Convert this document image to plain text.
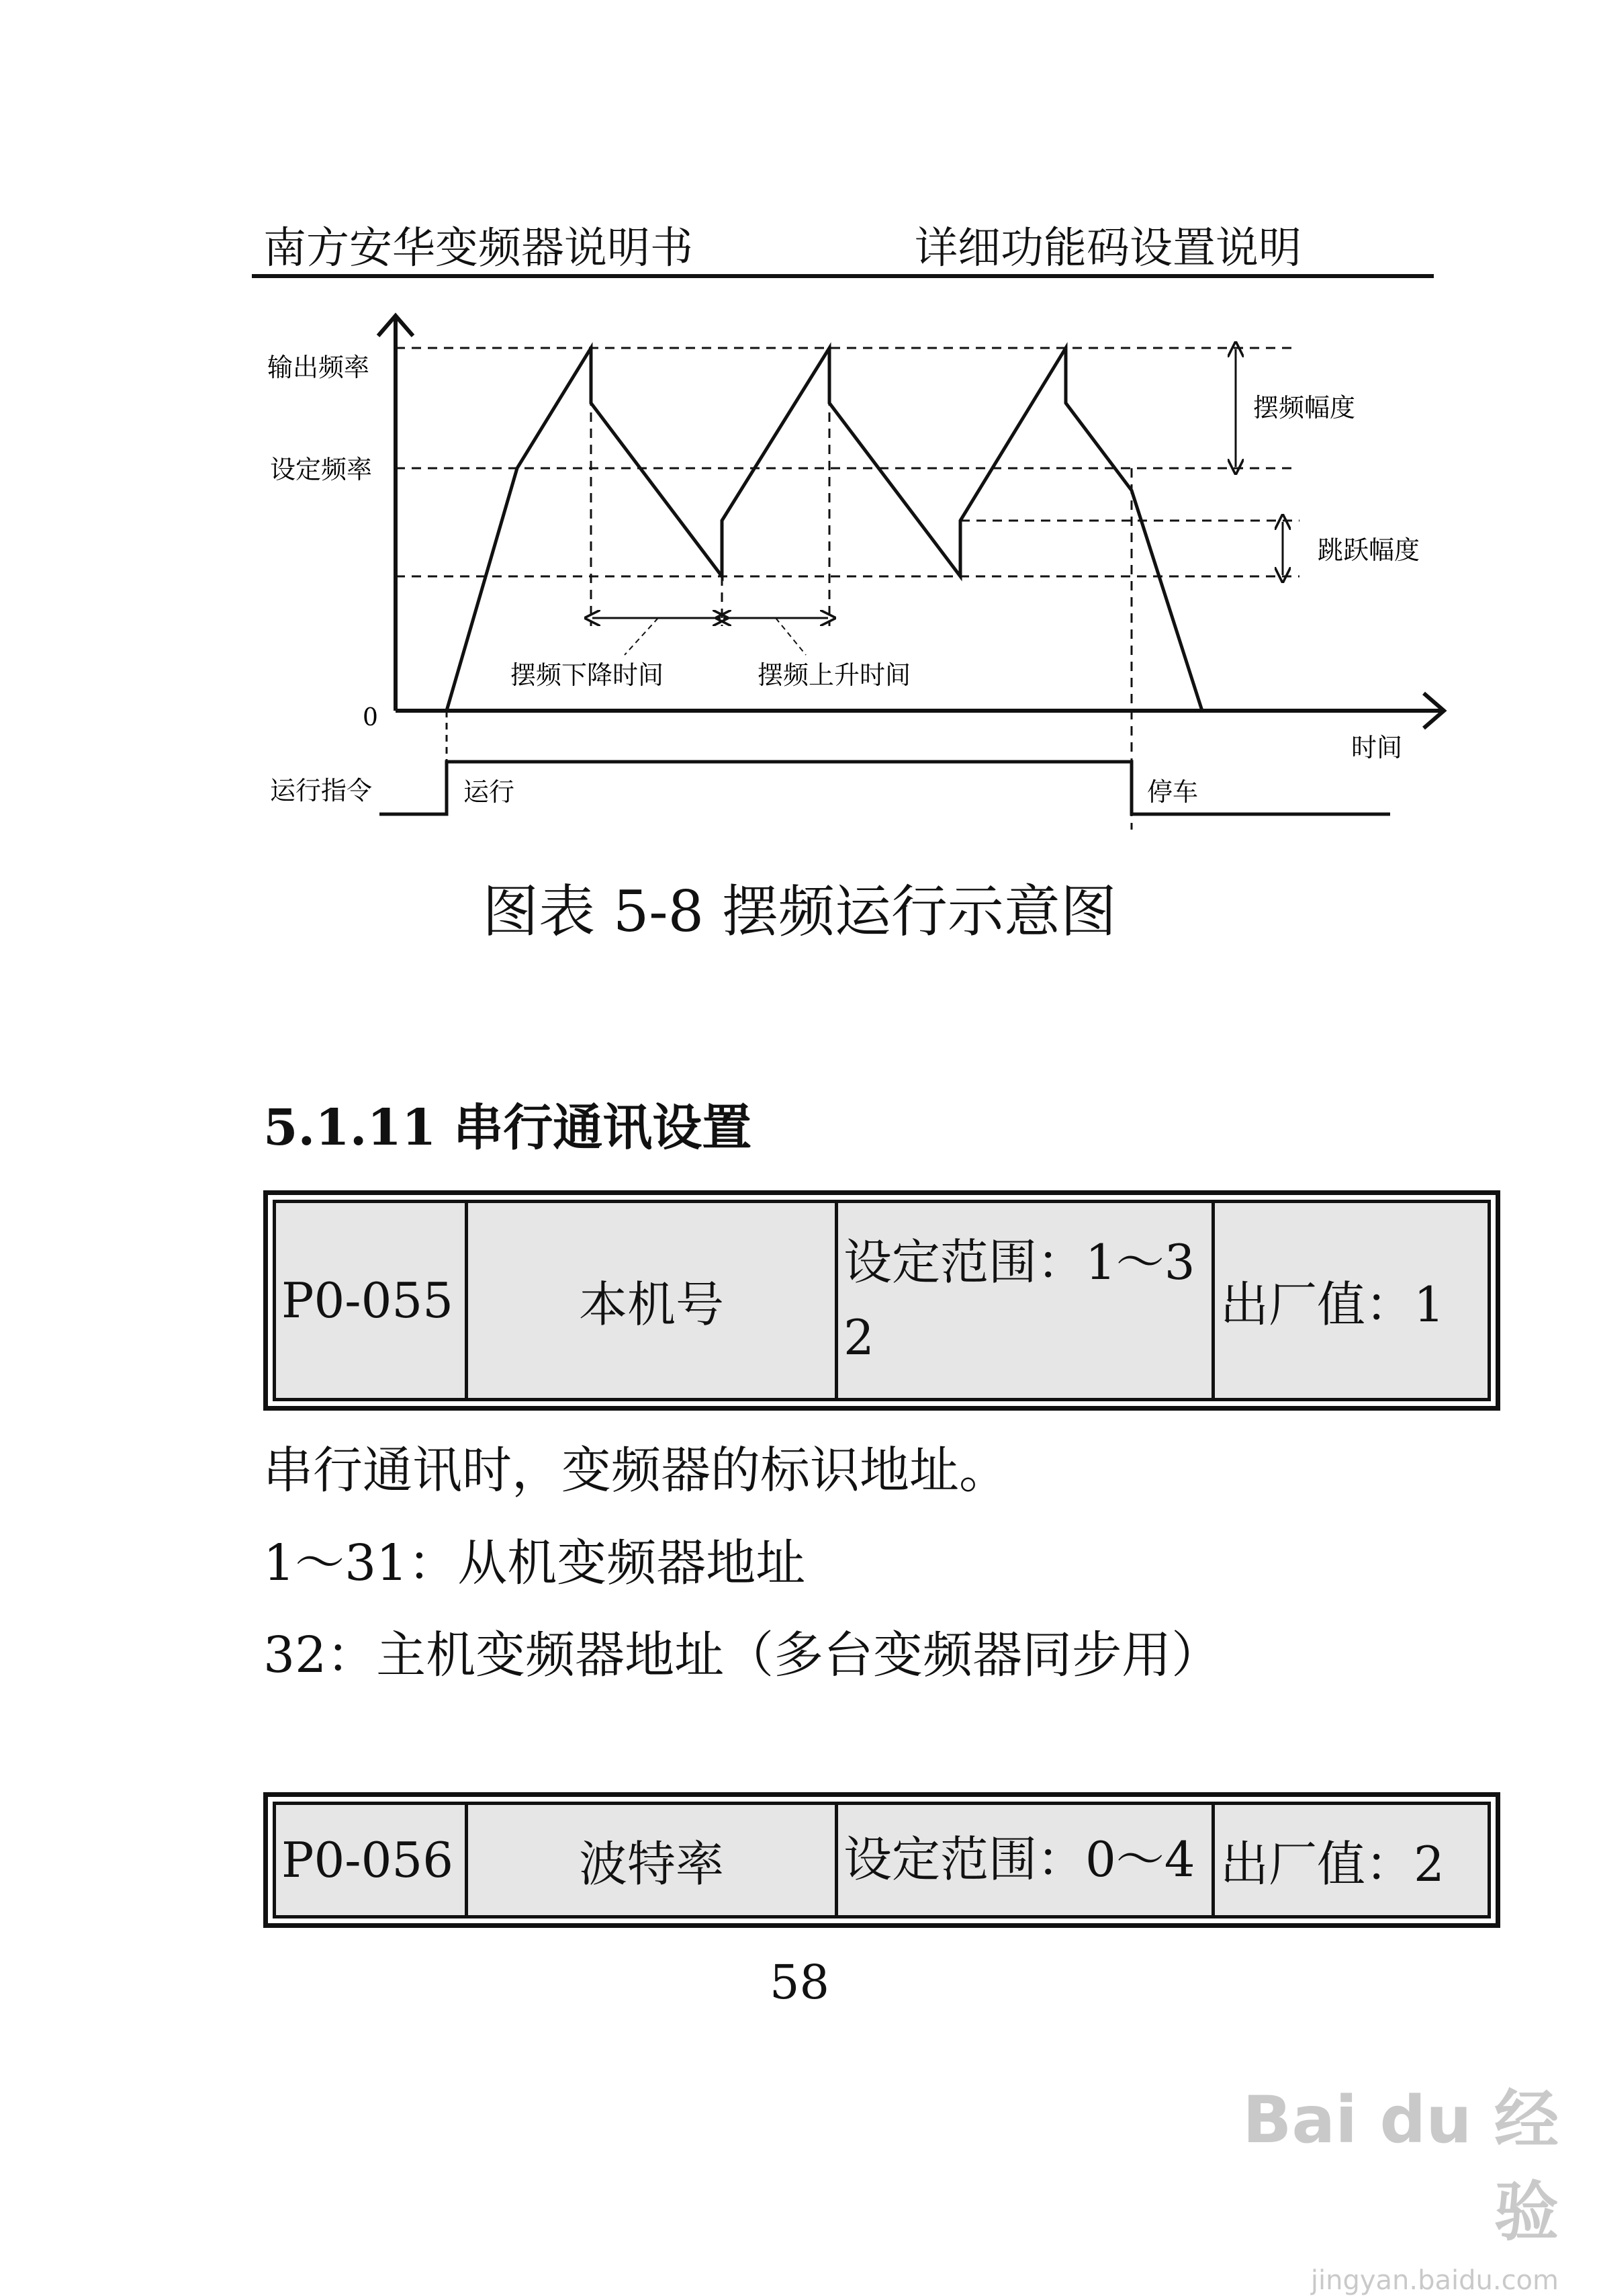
南方安华变频器说明书	详细功能码设置说明
输出频率
设定频率
0
摆频幅度
跳跃幅度
摆频下降时间	摆频上升时间
时间
运行指令	运行	停车
图表 5-8 摆频运行示意图
5.1.11 串行通讯设置
P0-055	本机号	设定范围：1～32	出厂值：1
串行通讯时，变频器的标识地址。
1～31：从机变频器地址
32：主机变频器地址（多台变频器同步用）
P0-056	波特率	设定范围：0～4	出厂值：2
58
Bai du 经验
jingyan.baidu.com
